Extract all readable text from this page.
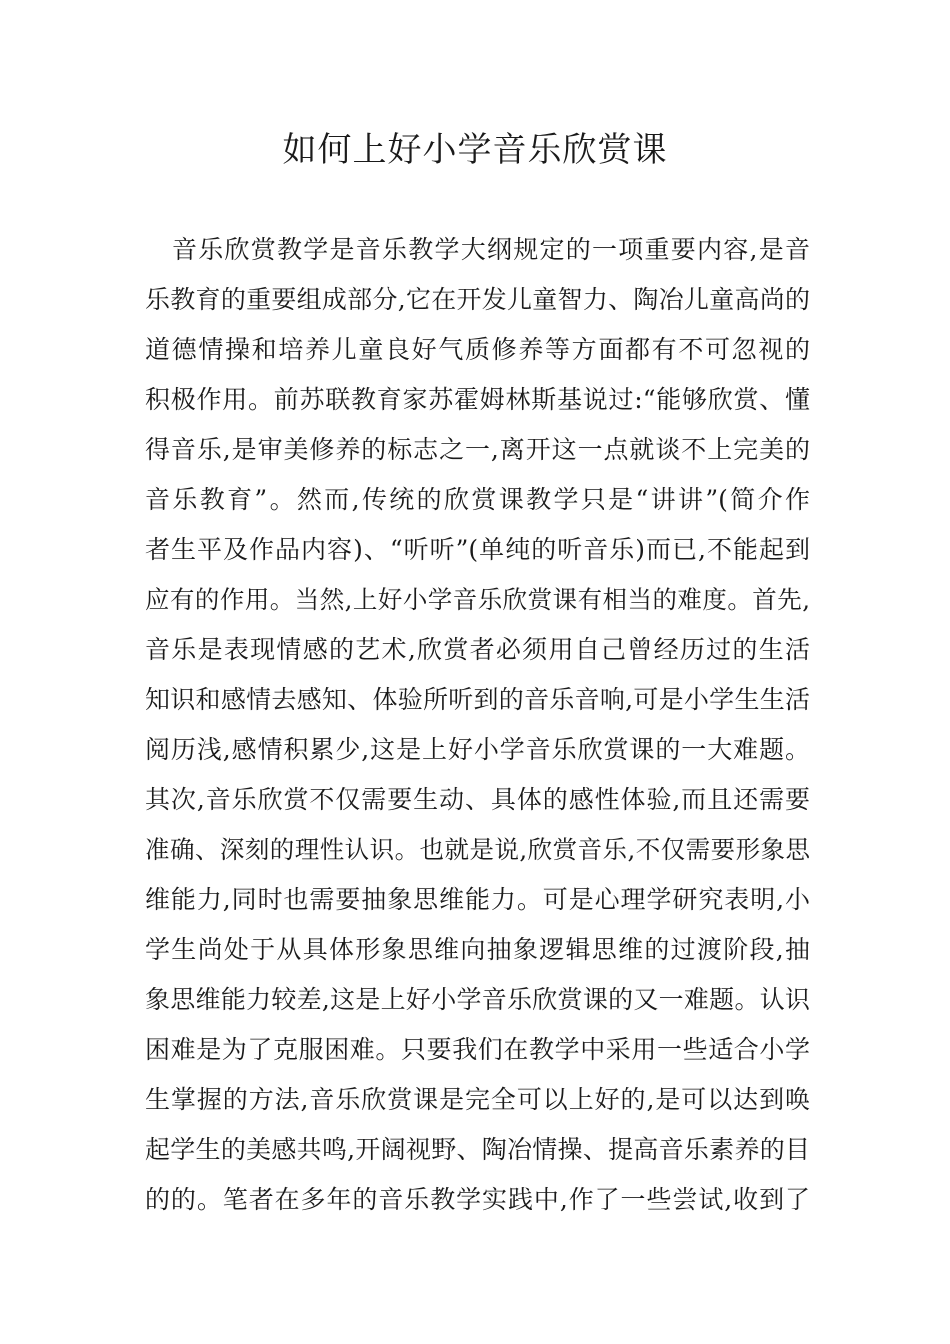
如何上好小学音乐欣赏课
音乐欣赏教学是音乐教学大纲规定的一项重要内容,是音
乐教育的重要组成部分,它在开发儿童智力、陶冶儿童高尚的
道德情操和培养儿童良好气质修养等方面都有不可忽视的
积极作用。前苏联教育家苏霍姆林斯基说过:“能够欣赏、懂
得音乐,是审美修养的标志之一,离开这一点就谈不上完美的
音乐教育”。然而,传统的欣赏课教学只是“讲讲”(简介作
者生平及作品内容)、“听听”(单纯的听音乐)而已,不能起到
应有的作用。当然,上好小学音乐欣赏课有相当的难度。首先,
音乐是表现情感的艺术,欣赏者必须用自己曾经历过的生活
知识和感情去感知、体验所听到的音乐音响,可是小学生生活
阅历浅,感情积累少,这是上好小学音乐欣赏课的一大难题。
其次,音乐欣赏不仅需要生动、具体的感性体验,而且还需要
准确、深刻的理性认识。也就是说,欣赏音乐,不仅需要形象思
维能力,同时也需要抽象思维能力。可是心理学研究表明,小
学生尚处于从具体形象思维向抽象逻辑思维的过渡阶段,抽
象思维能力较差,这是上好小学音乐欣赏课的又一难题。认识
困难是为了克服困难。只要我们在教学中采用一些适合小学
生掌握的方法,音乐欣赏课是完全可以上好的,是可以达到唤
起学生的美感共鸣,开阔视野、陶冶情操、提高音乐素养的目
的的。笔者在多年的音乐教学实践中,作了一些尝试,收到了
